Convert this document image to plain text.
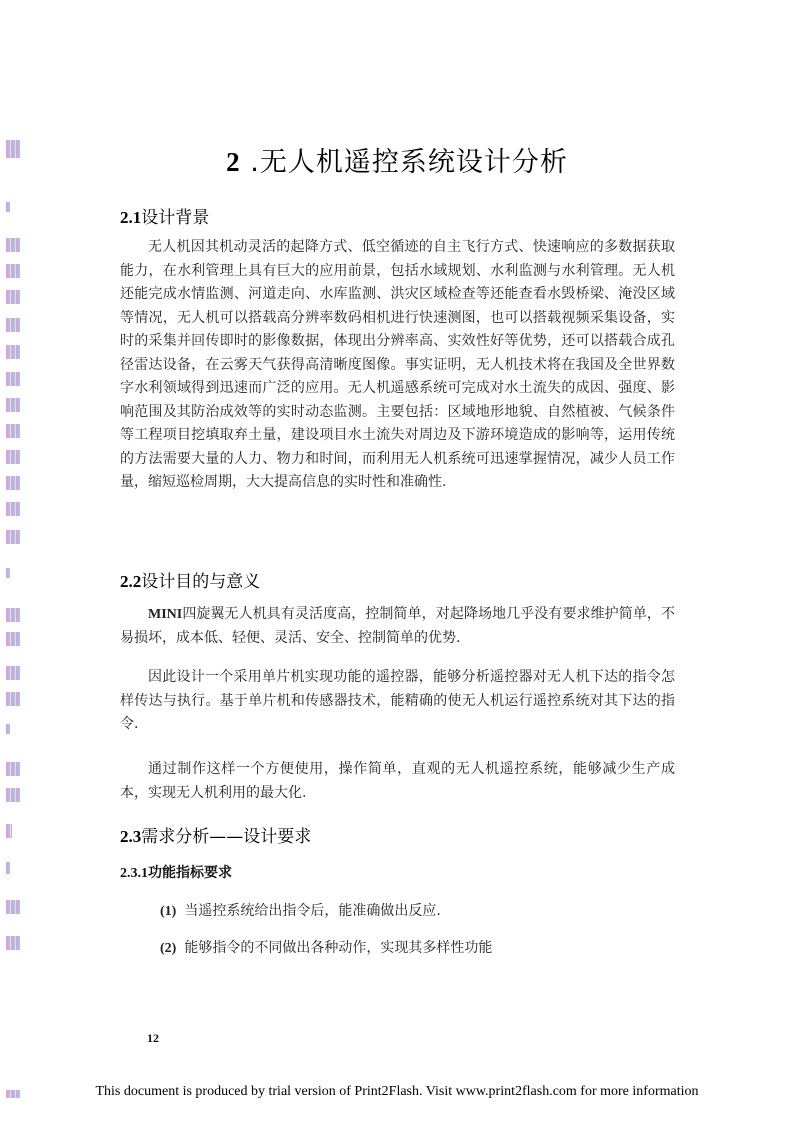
2 .无人机遥控系统设计分析
2.1设计背景

无人机因其机动灵活的起降方式、低空循迹的自主飞行方式、快速响应的多数据获取能力，在水利管理上具有巨大的应用前景，包括水域规划、水利监测与水利管理。无人机还能完成水情监测、河道走向、水库监测、洪灾区域检查等还能查看水毁桥梁、淹没区域等情况，无人机可以搭载高分辨率数码相机进行快速测图，也可以搭载视频采集设备，实时的采集并回传即时的影像数据，体现出分辨率高、实效性好等优势，还可以搭载合成孔径雷达设备，在云雾天气获得高清晰度图像。事实证明，无人机技术将在我国及全世界数字水利领域得到迅速而广泛的应用。无人机遥感系统可完成对水土流失的成因、强度、影响范围及其防治成效等的实时动态监测。主要包括：区域地形地貌、自然植被、气候条件等工程项目挖填取弃土量，建设项目水土流失对周边及下游环境造成的影响等，运用传统的方法需要大量的人力、物力和时间，而利用无人机系统可迅速掌握情况，减少人员工作量，缩短巡检周期，大大提高信息的实时性和准确性.

2.2设计目的与意义

MINI四旋翼无人机具有灵活度高，控制简单，对起降场地几乎没有要求维护简单，不易损坏，成本低、轻便、灵活、安全、控制简单的优势.

因此设计一个采用单片机实现功能的遥控器，能够分析遥控器对无人机下达的指令怎样传达与执行。基于单片机和传感器技术，能精确的使无人机运行遥控系统对其下达的指令.

通过制作这样一个方便使用，操作简单，直观的无人机遥控系统，能够减少生产成本，实现无人机利用的最大化.

2.3需求分析——设计要求
2.3.1功能指标要求

(1) 当遥控系统给出指令后，能准确做出反应.

(2) 能够指令的不同做出各种动作，实现其多样性功能

12
This document is produced by trial version of Print2Flash. Visit www.print2flash.com for more information
